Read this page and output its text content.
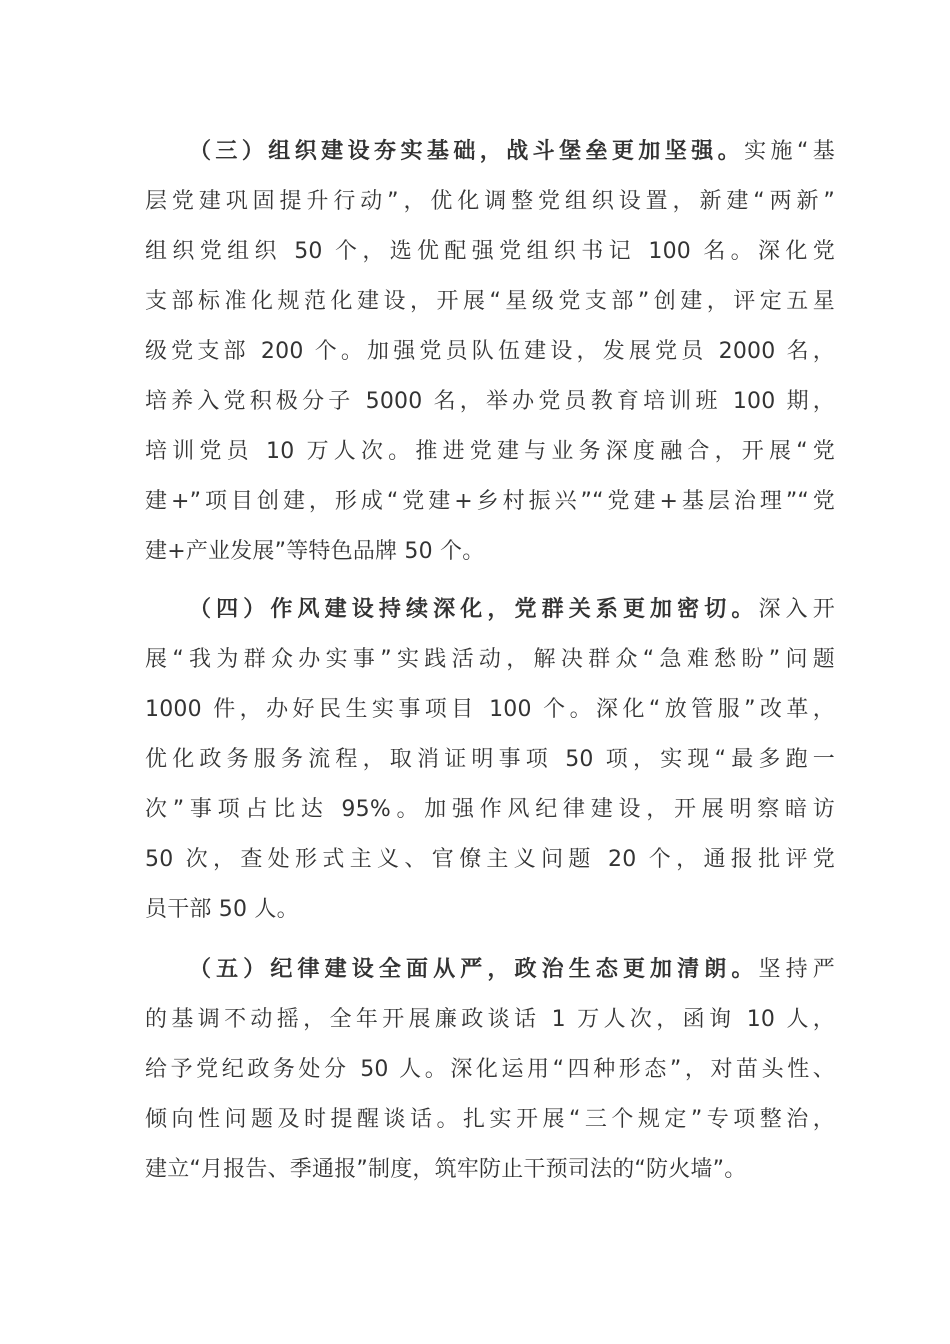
（三）组织建设夯实基础，战斗堡垒更加坚强。实施“基
层党建巩固提升行动”，优化调整党组织设置，新建“两新”
组织党组织 50 个，选优配强党组织书记 100 名。深化党
支部标准化规范化建设，开展“星级党支部”创建，评定五星
级党支部 200 个。加强党员队伍建设，发展党员 2000 名，
培养入党积极分子 5000 名，举办党员教育培训班 100 期，
培训党员 10 万人次。推进党建与业务深度融合，开展“党
建+”项目创建，形成“党建+乡村振兴”“党建+基层治理”“党
建+产业发展”等特色品牌 50 个。
（四）作风建设持续深化，党群关系更加密切。深入开
展“我为群众办实事”实践活动，解决群众“急难愁盼”问题
1000 件，办好民生实事项目 100 个。深化“放管服”改革，
优化政务服务流程，取消证明事项 50 项，实现“最多跑一
次”事项占比达 95%。加强作风纪律建设，开展明察暗访
50 次，查处形式主义、官僚主义问题 20 个，通报批评党
员干部 50 人。
（五）纪律建设全面从严，政治生态更加清朗。坚持严
的基调不动摇，全年开展廉政谈话 1 万人次，函询 10 人，
给予党纪政务处分 50 人。深化运用“四种形态”，对苗头性、
倾向性问题及时提醒谈话。扎实开展“三个规定”专项整治，
建立“月报告、季通报”制度，筑牢防止干预司法的“防火墙”。
